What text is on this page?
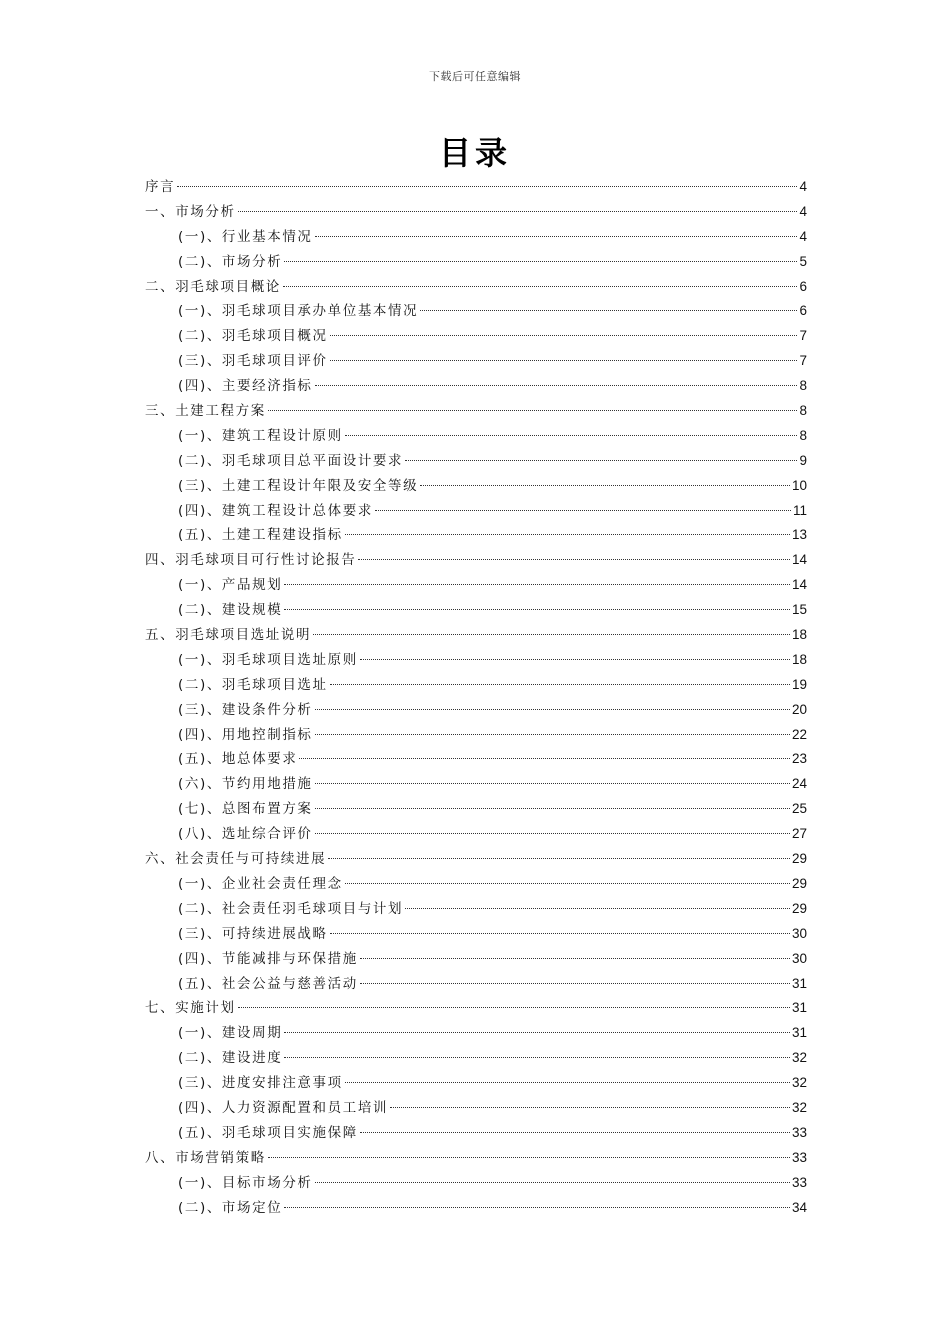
下载后可任意编辑
目录
序言	4
一、市场分析	4
(一)、行业基本情况	4
(二)、市场分析	5
二、羽毛球项目概论	6
(一)、羽毛球项目承办单位基本情况	6
(二)、羽毛球项目概况	7
(三)、羽毛球项目评价	7
(四)、主要经济指标	8
三、土建工程方案	8
(一)、建筑工程设计原则	8
(二)、羽毛球项目总平面设计要求	9
(三)、土建工程设计年限及安全等级	10
(四)、建筑工程设计总体要求	11
(五)、土建工程建设指标	13
四、羽毛球项目可行性讨论报告	14
(一)、产品规划	14
(二)、建设规模	15
五、羽毛球项目选址说明	18
(一)、羽毛球项目选址原则	18
(二)、羽毛球项目选址	19
(三)、建设条件分析	20
(四)、用地控制指标	22
(五)、地总体要求	23
(六)、节约用地措施	24
(七)、总图布置方案	25
(八)、选址综合评价	27
六、社会责任与可持续进展	29
(一)、企业社会责任理念	29
(二)、社会责任羽毛球项目与计划	29
(三)、可持续进展战略	30
(四)、节能减排与环保措施	30
(五)、社会公益与慈善活动	31
七、实施计划	31
(一)、建设周期	31
(二)、建设进度	32
(三)、进度安排注意事项	32
(四)、人力资源配置和员工培训	32
(五)、羽毛球项目实施保障	33
八、市场营销策略	33
(一)、目标市场分析	33
(二)、市场定位	34
